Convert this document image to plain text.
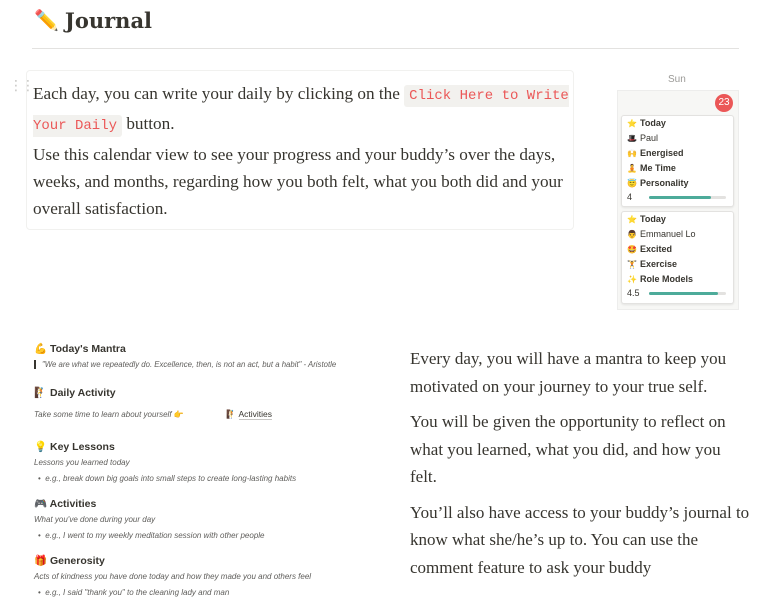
✏️ Journal
⋮⋮ Each day, you can write your daily by clicking on the Click Here to Write Your Daily button.
Use this calendar view to see your progress and your buddy’s over the days, weeks, and months, regarding how you both felt, what you both did and your overall satisfaction.
Sun
23
⭐ Today
🎩 Paul
🙌 Energised
🧘 Me Time
😇 Personality
4
⭐ Today
👨 Emmanuel Lo
🤩 Excited
🏋 Exercise
✨ Role Models
4.5
💪 Today's Mantra
"We are what we repeatedly do. Excellence, then, is not an act, but a habit" - Aristotle
🧗 Daily Activity
Take some time to learn about yourself 👉	🧗 Activities
💡 Key Lessons
Lessons you learned today
• e.g., break down big goals into small steps to create long-lasting habits
🎮 Activities
What you've done during your day
• e.g., I went to my weekly meditation session with other people
🎁 Generosity
Acts of kindness you have done today and how they made you and others feel
• e.g., I said "thank you" to the cleaning lady and man
Every day, you will have a mantra to keep you motivated on your journey to your true self.
You will be given the opportunity to reflect on what you learned, what you did, and how you felt.
You’ll also have access to your buddy’s journal to know what she/he’s up to. You can use the comment feature to ask your buddy
